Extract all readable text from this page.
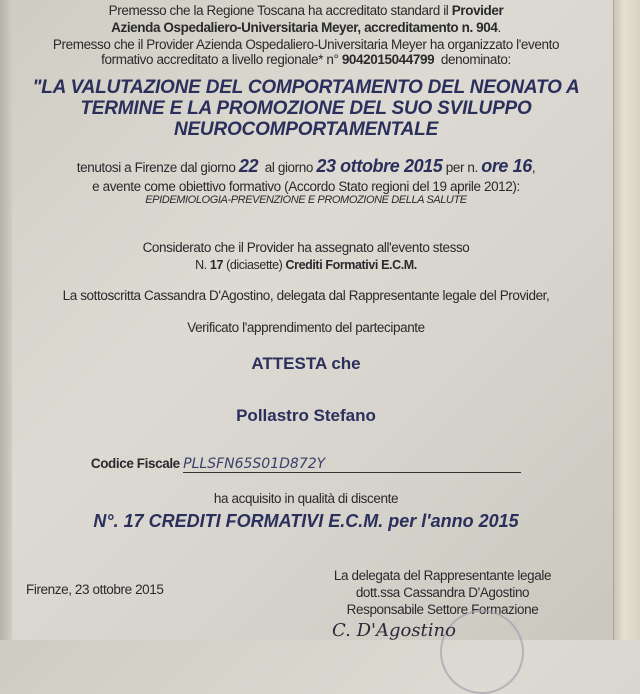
Premesso che la Regione Toscana ha accreditato standard il Provider
Azienda Ospedaliero-Universitaria Meyer, accreditamento n. 904.
Premesso che il Provider Azienda Ospedaliero-Universitaria Meyer ha organizzato l'evento
formativo accreditato a livello regionale* n° 9042015044799  denominato:
"LA VALUTAZIONE DEL COMPORTAMENTO DEL NEONATO A
TERMINE E LA PROMOZIONE DEL SUO SVILUPPO
NEUROCOMPORTAMENTALE
tenutosi a Firenze dal giorno 22  al giorno 23 ottobre 2015 per n. ore 16,
e avente come obiettivo formativo (Accordo Stato regioni del 19 aprile 2012):
EPIDEMIOLOGIA-PREVENZIONE E PROMOZIONE DELLA SALUTE
Considerato che il Provider ha assegnato all'evento stesso
N. 17 (diciasette) Crediti Formativi E.C.M.
La sottoscritta Cassandra D'Agostino, delegata dal Rappresentante legale del Provider,
Verificato l'apprendimento del partecipante
ATTESTA che
Pollastro Stefano
Codice Fiscale PLLSFN65S01D872Y
ha acquisito in qualità di discente
N°. 17 CREDITI FORMATIVI E.C.M. per l'anno 2015
Firenze, 23 ottobre 2015
La delegata del Rappresentante legale
dott.ssa Cassandra D'Agostino
Responsabile Settore Formazione
C. D'Agostino
